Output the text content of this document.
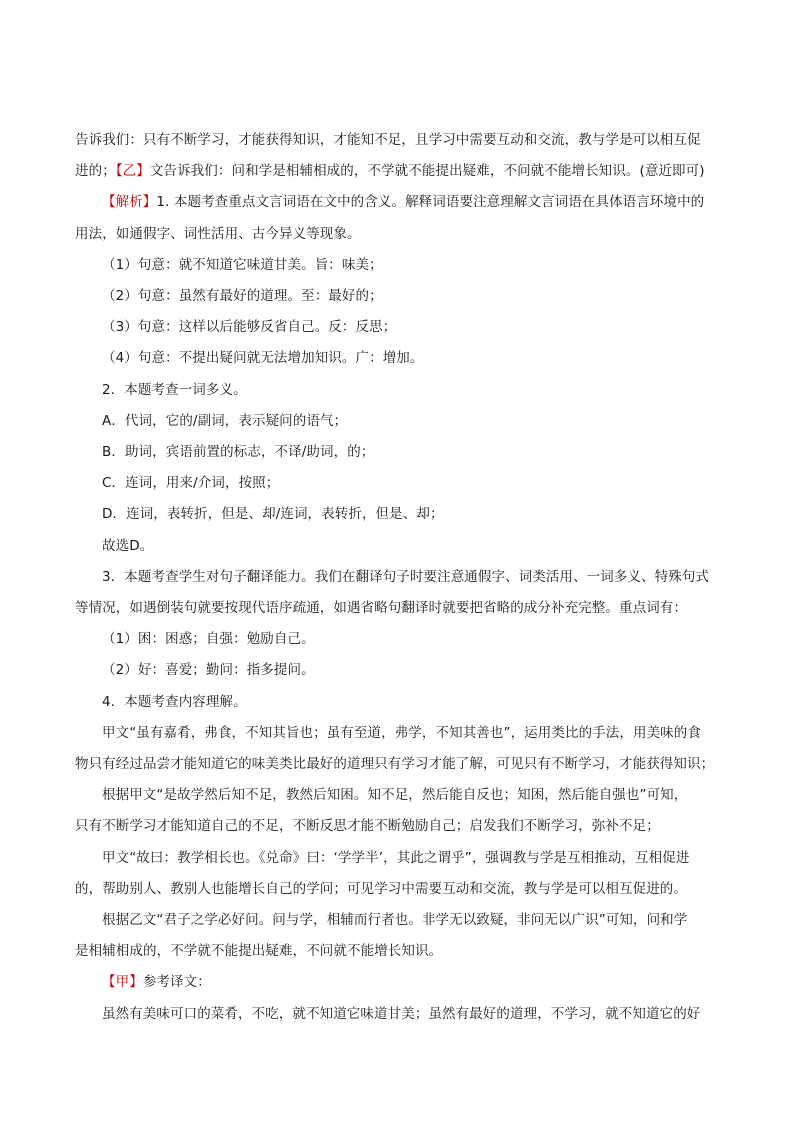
告诉我们：只有不断学习，才能获得知识，才能知不足，且学习中需要互动和交流，教与学是可以相互促
进的；【乙】文告诉我们：问和学是相辅相成的，不学就不能提出疑难，不问就不能增长知识。(意近即可)
【解析】1. 本题考查重点文言词语在文中的含义。解释词语要注意理解文言词语在具体语言环境中的
用法，如通假字、词性活用、古今异义等现象。
（1）句意：就不知道它味道甘美。旨：味美；
（2）句意：虽然有最好的道理。至：最好的；
（3）句意：这样以后能够反省自己。反：反思；
（4）句意：不提出疑问就无法增加知识。广：增加。
2．本题考查一词多义。
A．代词，它的/副词，表示疑问的语气；
B．助词，宾语前置的标志，不译/助词，的；
C．连词，用来/介词，按照；
D．连词，表转折，但是、却/连词，表转折，但是、却；
故选D。
3．本题考查学生对句子翻译能力。我们在翻译句子时要注意通假字、词类活用、一词多义、特殊句式
等情况，如遇倒装句就要按现代语序疏通，如遇省略句翻译时就要把省略的成分补充完整。重点词有：
（1）困：困惑；自强：勉励自己。
（2）好：喜爱；勤问：指多提问。
4．本题考查内容理解。
甲文“虽有嘉肴，弗食，不知其旨也；虽有至道，弗学，不知其善也”，运用类比的手法，用美味的食
物只有经过品尝才能知道它的味美类比最好的道理只有学习才能了解，可见只有不断学习，才能获得知识；
根据甲文“是故学然后知不足，教然后知困。知不足，然后能自反也；知困，然后能自强也”可知，
只有不断学习才能知道自己的不足，不断反思才能不断勉励自己；启发我们不断学习，弥补不足；
甲文“故曰：教学相长也。《兑命》曰：‘学学半’，其此之谓乎”，强调教与学是互相推动，互相促进
的，帮助别人、教别人也能增长自己的学问；可见学习中需要互动和交流，教与学是可以相互促进的。
根据乙文“君子之学必好问。问与学，相辅而行者也。非学无以致疑，非问无以广识”可知，问和学
是相辅相成的，不学就不能提出疑难，不问就不能增长知识。
【甲】参考译文：
虽然有美味可口的菜肴，不吃，就不知道它味道甘美；虽然有最好的道理，不学习，就不知道它的好
